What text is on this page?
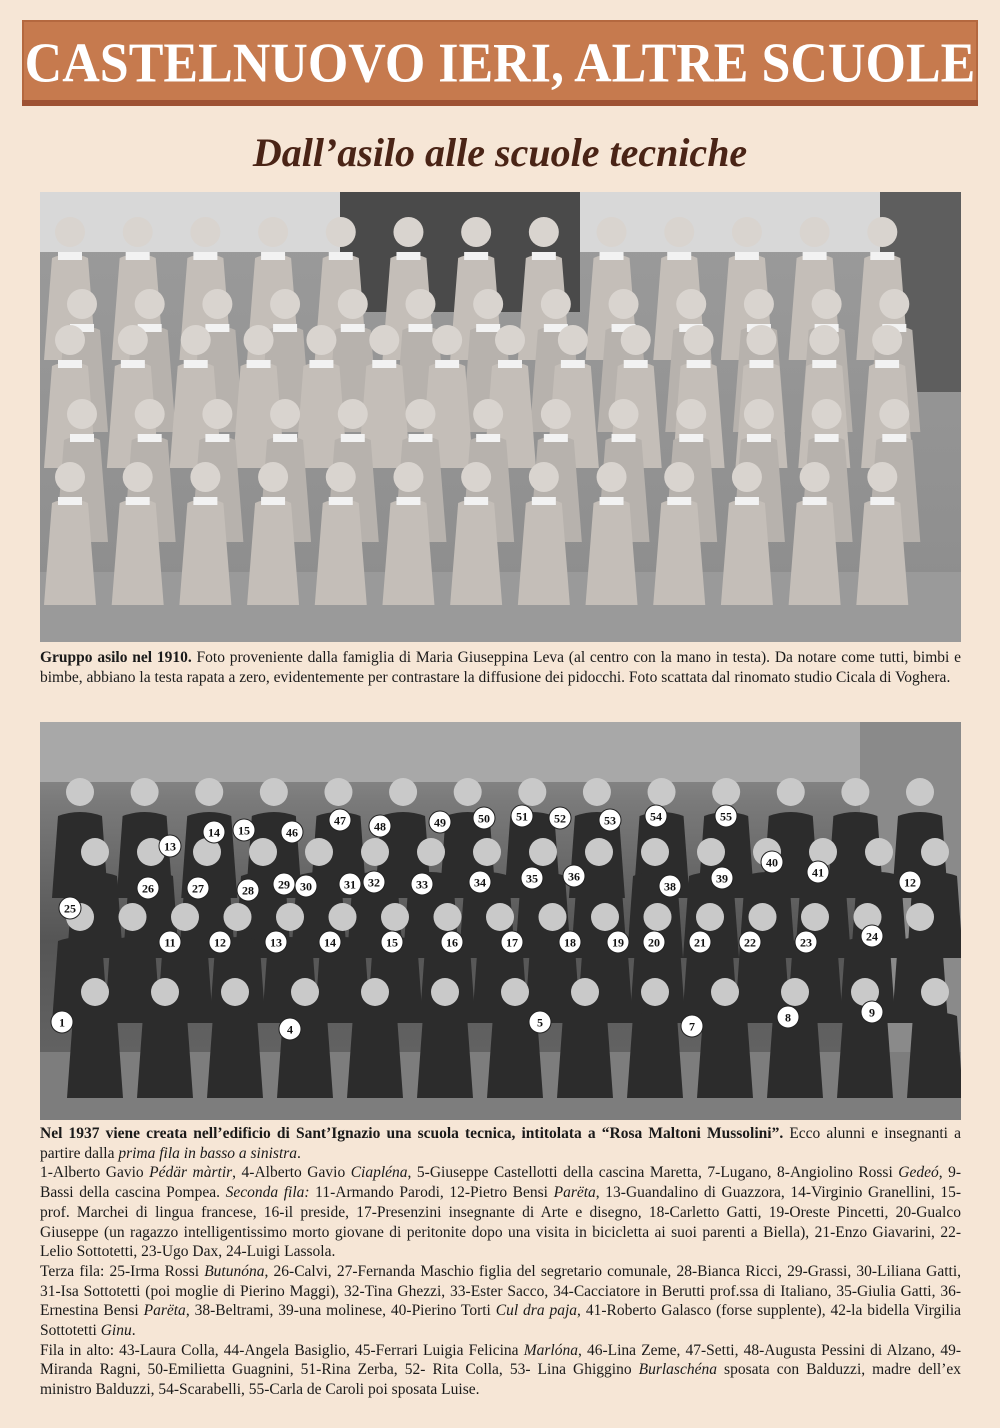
CASTELNUOVO IERI, ALTRE SCUOLE
Dall’asilo alle scuole tecniche
Gruppo asilo nel 1910. Foto proveniente dalla famiglia di Maria Giuseppina Leva (al centro con la mano in testa). Da notare come tutti, bimbi e bimbe, abbiano la testa rapata a zero, evidentemente per contrastare la diffusione dei pidocchi. Foto scattata dal rinomato studio Cicala di Voghera.
1	4	5	7
8	9
11	12	13	14	15	16	17	18	19 20	21	22	23	24
25
26	27	28 29 30	31 32	33	34	35	36
38
39
40
41
12
13
14 15	46
47 48	49	50 51 52	53	54	55
Nel 1937 viene creata nell’edificio di Sant’Ignazio una scuola tecnica, intitolata a “Rosa Maltoni Mussolini”. Ecco alunni e insegnanti a partire dalla prima fila in basso a sinistra.
1-Alberto Gavio Pédär màrtir, 4-Alberto Gavio Ciapléna, 5-Giuseppe Castellotti della cascina Maretta, 7-Lugano, 8-Angiolino Rossi Gedeó, 9-Bassi della cascina Pompea. Seconda fila: 11-Armando Parodi, 12-Pietro Bensi Parëta, 13-Guandalino di Guazzora, 14-Virginio Granellini, 15-prof. Marchei di lingua francese, 16-il preside, 17-Presenzini insegnante di Arte e disegno, 18-Carletto Gatti, 19-Oreste Pincetti, 20-Gualco Giuseppe (un ragazzo intelligentissimo morto giovane di peritonite dopo una visita in bicicletta ai suoi parenti a Biella), 21-Enzo Giavarini, 22-Lelio Sottotetti, 23-Ugo Dax, 24-Luigi Lassola.
Terza fila: 25-Irma Rossi Butunóna, 26-Calvi, 27-Fernanda Maschio figlia del segretario comunale, 28-Bianca Ricci, 29-Grassi, 30-Liliana Gatti, 31-Isa Sottotetti (poi moglie di Pierino Maggi), 32-Tina Ghezzi, 33-Ester Sacco, 34-Cacciatore in Berutti prof.ssa di Italiano, 35-Giulia Gatti, 36-Ernestina Bensi Parëta, 38-Beltrami, 39-una molinese, 40-Pierino Torti Cul dra paja, 41-Roberto Galasco (forse supplente), 42-la bidella Virgilia Sottotetti Ginu.
Fila in alto: 43-Laura Colla, 44-Angela Basiglio, 45-Ferrari Luigia Felicina Marlóna, 46-Lina Zeme, 47-Setti, 48-Augusta Pessini di Alzano, 49-Miranda Ragni, 50-Emilietta Guagnini, 51-Rina Zerba, 52- Rita Colla, 53- Lina Ghiggino Burlaschéna sposata con Balduzzi, madre dell’ex ministro Balduzzi, 54-Scarabelli, 55-Carla de Caroli poi sposata Luise.
